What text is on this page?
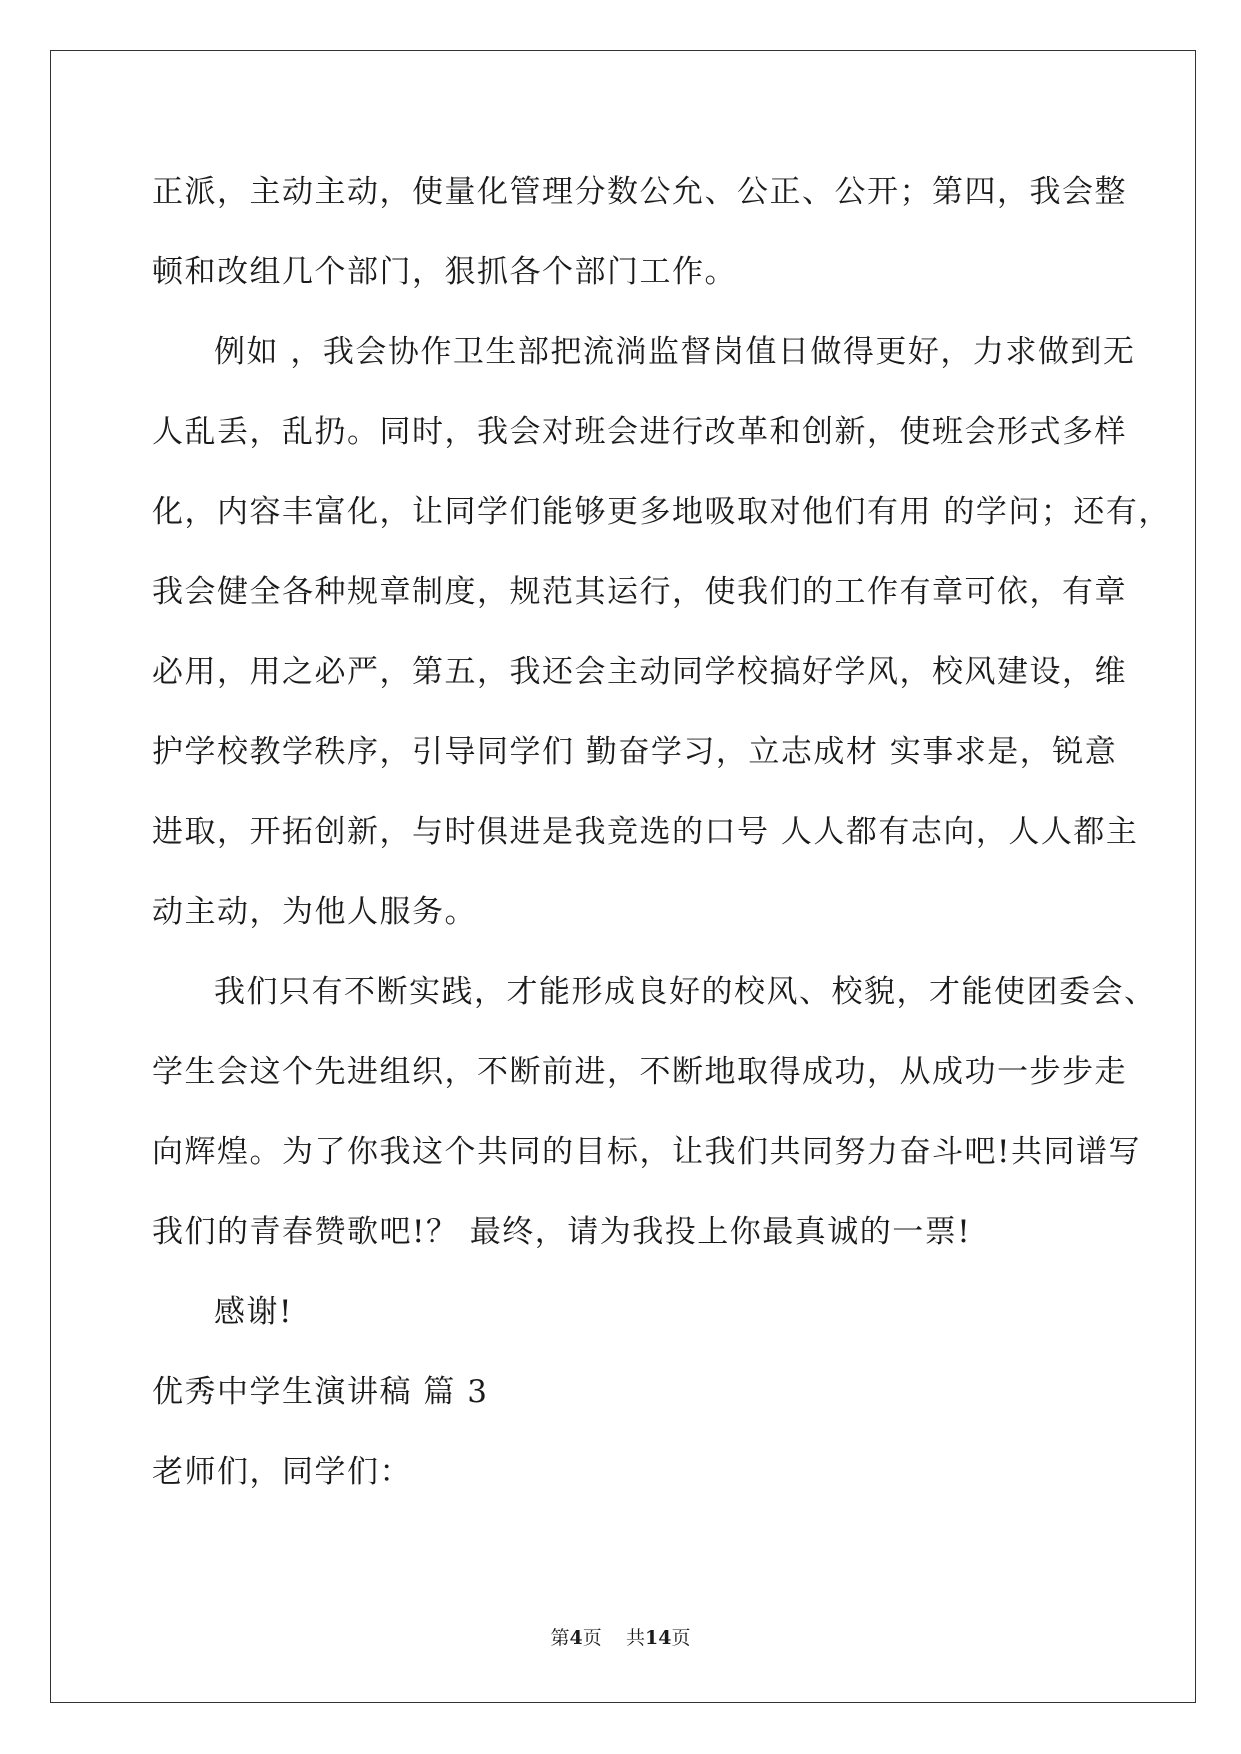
正派，主动主动，使量化管理分数公允、公正、公开；第四，我会整
顿和改组几个部门，狠抓各个部门工作。
例如 ，我会协作卫生部把流淌监督岗值日做得更好，力求做到无
人乱丢，乱扔。同时，我会对班会进行改革和创新，使班会形式多样
化，内容丰富化，让同学们能够更多地吸取对他们有用 的学问；还有，
我会健全各种规章制度，规范其运行，使我们的工作有章可依，有章
必用，用之必严，第五，我还会主动同学校搞好学风，校风建设，维
护学校教学秩序，引导同学们 勤奋学习，立志成材 实事求是，锐意
进取，开拓创新，与时俱进是我竞选的口号 人人都有志向，人人都主
动主动，为他人服务。
我们只有不断实践，才能形成良好的校风、校貌，才能使团委会、
学生会这个先进组织，不断前进，不断地取得成功，从成功一步步走
向辉煌。为了你我这个共同的目标，让我们共同努力奋斗吧!共同谱写
我们的青春赞歌吧!？ 最终，请为我投上你最真诚的一票!
感谢!
优秀中学生演讲稿 篇 3
老师们，同学们：
第4页 共14页
